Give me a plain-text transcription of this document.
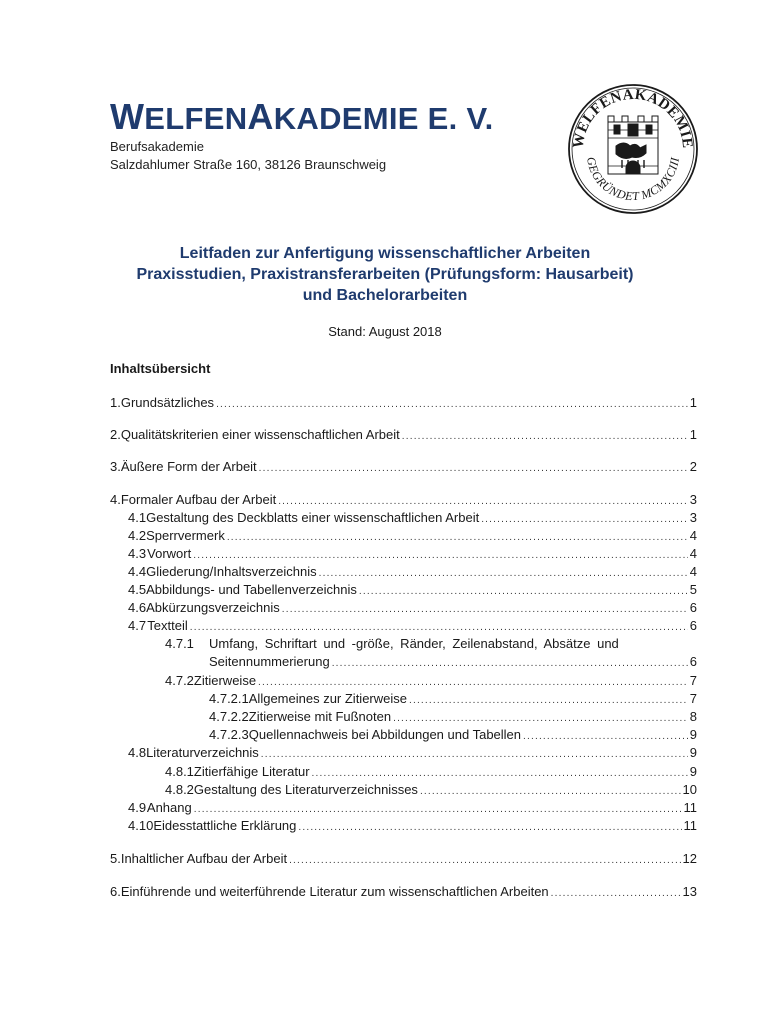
WELFENAKADEMIE E. V.
Berufsakademie
Salzdahlumer Straße 160, 38126 Braunschweig
WELFENAKADEMIE
GEGRÜNDET MCMXCIII
Leitfaden zur Anfertigung wissenschaftlicher Arbeiten
Praxisstudien, Praxistransferarbeiten (Prüfungsform: Hausarbeit)
und Bachelorarbeiten
Stand: August 2018
Inhaltsübersicht
1. Grundsätzliches .....	1
2. Qualitätskriterien einer wissenschaftlichen Arbeit .....	1
3. Äußere Form der Arbeit .....	2
4. Formaler Aufbau der Arbeit .....	3
4.1 Gestaltung des Deckblatts einer wissenschaftlichen Arbeit .....	3
4.2 Sperrvermerk .....	4
4.3 Vorwort .....	4
4.4 Gliederung/Inhaltsverzeichnis .....	4
4.5 Abbildungs- und Tabellenverzeichnis .....	5
4.6 Abkürzungsverzeichnis .....	6
4.7 Textteil .....	6
4.7.1 Umfang, Schriftart und -größe, Ränder, Zeilenabstand, Absätze und
Seitennummerierung .....	6
4.7.2 Zitierweise .....	7
4.7.2.1 Allgemeines zur Zitierweise .....	7
4.7.2.2 Zitierweise mit Fußnoten .....	8
4.7.2.3 Quellennachweis bei Abbildungen und Tabellen .....	9
4.8 Literaturverzeichnis .....	9
4.8.1 Zitierfähige Literatur .....	9
4.8.2 Gestaltung des Literaturverzeichnisses .....	10
4.9 Anhang .....	11
4.10 Eidesstattliche Erklärung .....	11
5. Inhaltlicher Aufbau der Arbeit .....	12
6. Einführende und weiterführende Literatur zum wissenschaftlichen Arbeiten .....	13
